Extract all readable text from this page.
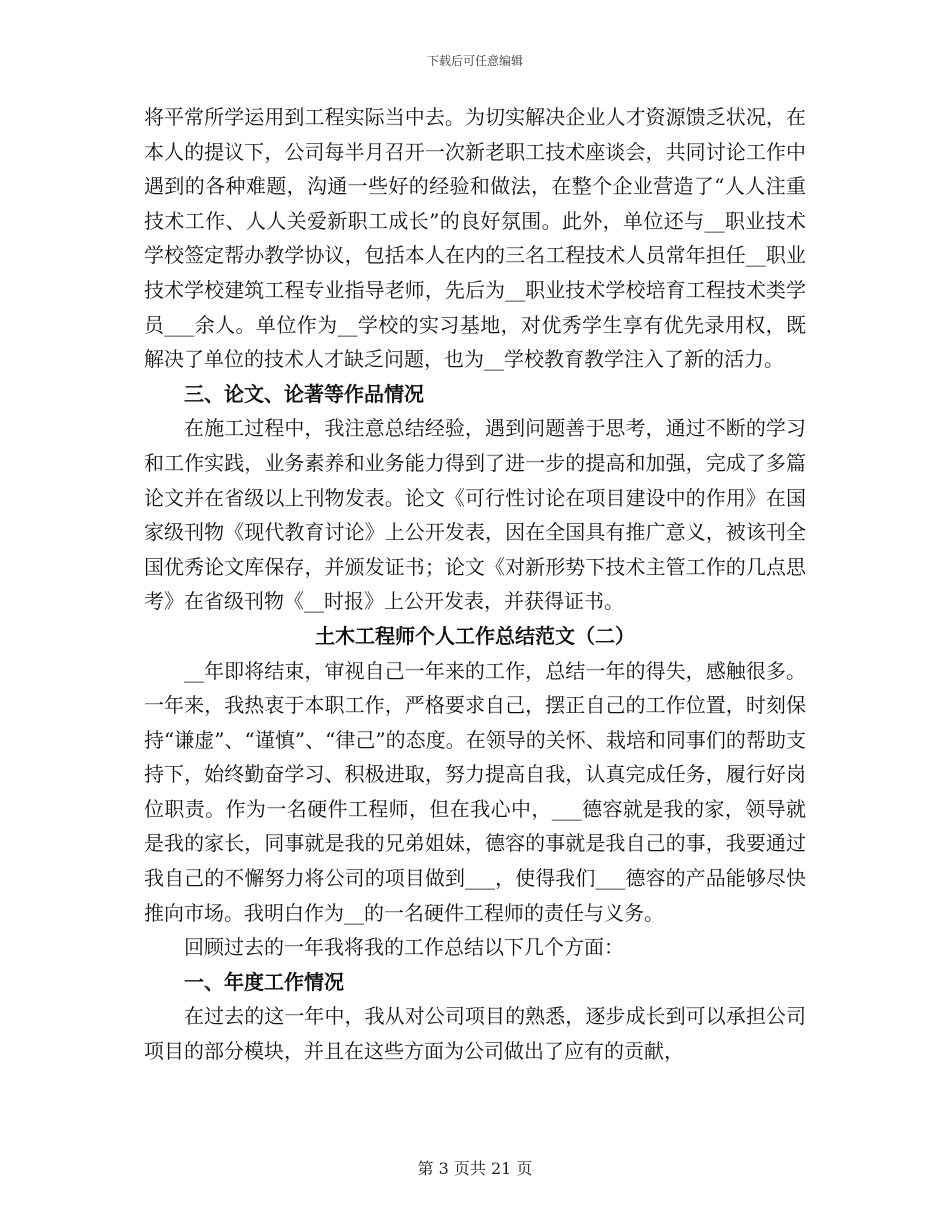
下载后可任意编辑

将平常所学运用到工程实际当中去。为切实解决企业人才资源馈乏状况，在本人的提议下，公司每半月召开一次新老职工技术座谈会，共同讨论工作中遇到的各种难题，沟通一些好的经验和做法，在整个企业营造了“人人注重技术工作、人人关爱新职工成长”的良好氛围。此外，单位还与__职业技术学校签定帮办教学协议，包括本人在内的三名工程技术人员常年担任__职业技术学校建筑工程专业指导老师，先后为__职业技术学校培育工程技术类学员___余人。单位作为__学校的实习基地，对优秀学生享有优先录用权，既解决了单位的技术人才缺乏问题，也为__学校教育教学注入了新的活力。

三、论文、论著等作品情况

在施工过程中，我注意总结经验，遇到问题善于思考，通过不断的学习和工作实践，业务素养和业务能力得到了进一步的提高和加强，完成了多篇论文并在省级以上刊物发表。论文《可行性讨论在项目建设中的作用》在国家级刊物《现代教育讨论》上公开发表，因在全国具有推广意义，被该刊全国优秀论文库保存，并颁发证书；论文《对新形势下技术主管工作的几点思考》在省级刊物《__时报》上公开发表，并获得证书。

土木工程师个人工作总结范文（二）

__年即将结束，审视自己一年来的工作，总结一年的得失，感触很多。一年来，我热衷于本职工作，严格要求自己，摆正自己的工作位置，时刻保持“谦虚”、“谨慎”、“律己”的态度。在领导的关怀、栽培和同事们的帮助支持下，始终勤奋学习、积极进取，努力提高自我，认真完成任务，履行好岗位职责。作为一名硬件工程师，但在我心中，___德容就是我的家，领导就是我的家长，同事就是我的兄弟姐妹，德容的事就是我自己的事，我要通过我自己的不懈努力将公司的项目做到___，使得我们___德容的产品能够尽快推向市场。我明白作为__的一名硬件工程师的责任与义务。

回顾过去的一年我将我的工作总结以下几个方面：

一、年度工作情况

在过去的这一年中，我从对公司项目的熟悉，逐步成长到可以承担公司项目的部分模块，并且在这些方面为公司做出了应有的贡献，

第 3 页共 21 页
